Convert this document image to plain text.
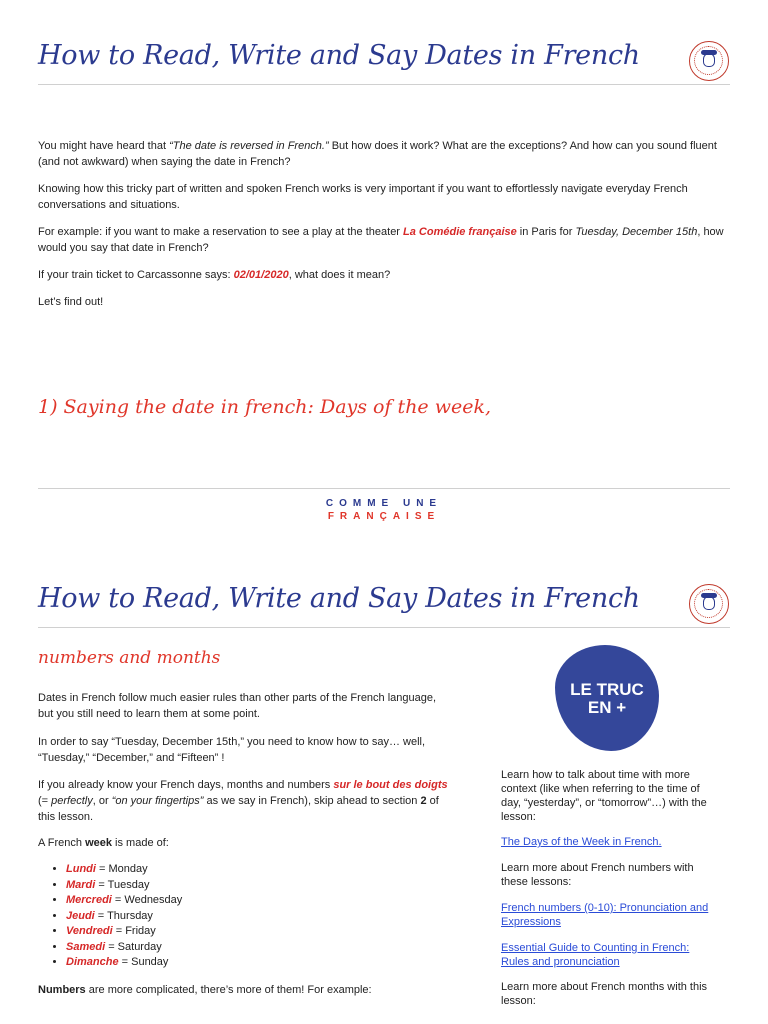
How to Read, Write and Say Dates in French

You might have heard that “The date is reversed in French.” But how does it work? What are the exceptions? And how can you sound fluent (and not awkward) when saying the date in French?

Knowing how this tricky part of written and spoken French works is very important if you want to effortlessly navigate everyday French conversations and situations.

For example: if you want to make a reservation to see a play at the theater La Comédie française in Paris for Tuesday, December 15th, how would you say that date in French?

If your train ticket to Carcassonne says: 02/01/2020, what does it mean?

Let’s find out!

1) Saying the date in french: Days of the week,
COMME UNE
FRANÇAISE
How to Read, Write and Say Dates in French
numbers and months

Dates in French follow much easier rules than other parts of the French language, but you still need to learn them at some point.

In order to say “Tuesday, December 15th,” you need to know how to say… well, “Tuesday,” “December,” and “Fifteen” !

If you already know your French days, months and numbers sur le bout des doigts (= perfectly, or “on your fingertips” as we say in French), skip ahead to section 2 of this lesson.

A French week is made of:

• Lundi = Monday
• Mardi = Tuesday
• Mercredi = Wednesday
• Jeudi = Thursday
• Vendredi = Friday
• Samedi = Saturday
• Dimanche = Sunday

Numbers are more complicated, there’s more of them! For example:

LE TRUC
EN +

Learn how to talk about time with more context (like when referring to the time of day, “yesterday”, or “tomorrow”…) with the lesson:

The Days of the Week in French.

Learn more about French numbers with these lessons:

French numbers (0-10): Pronunciation and Expressions

Essential Guide to Counting in French: Rules and pronunciation

Learn more about French months with this lesson:
